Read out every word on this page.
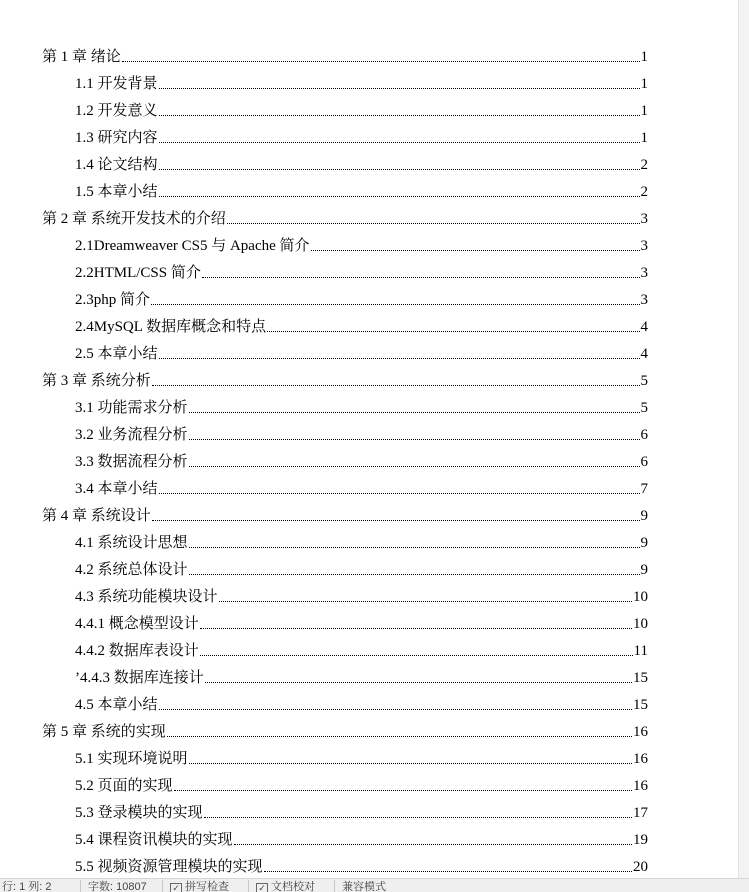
第 1 章 绪论	1
1.1 开发背景	1
1.2 开发意义	1
1.3 研究内容	1
1.4 论文结构	2
1.5 本章小结	2
第 2 章 系统开发技术的介绍	3
2.1Dreamweaver CS5 与 Apache 简介	3
2.2HTML/CSS 简介	3
2.3php 简介	3
2.4MySQL 数据库概念和特点	4
2.5 本章小结	4
第 3 章 系统分析	5
3.1 功能需求分析	5
3.2 业务流程分析	6
3.3 数据流程分析	6
3.4 本章小结	7
第 4 章 系统设计	9
4.1 系统设计思想	9
4.2 系统总体设计	9
4.3 系统功能模块设计	10
4.4.1 概念模型设计	10
4.4.2 数据库表设计	11
’4.4.3 数据库连接计	15
4.5 本章小结	15
第 5 章 系统的实现	16
5.1 实现环境说明	16
5.2 页面的实现	16
5.3 登录模块的实现	17
5.4 课程资讯模块的实现	19
5.5 视频资源管理模块的实现	20
行: 1 列: 2	字数: 10807	✓ 拼写检查	✓ 文档校对 兼容模式
